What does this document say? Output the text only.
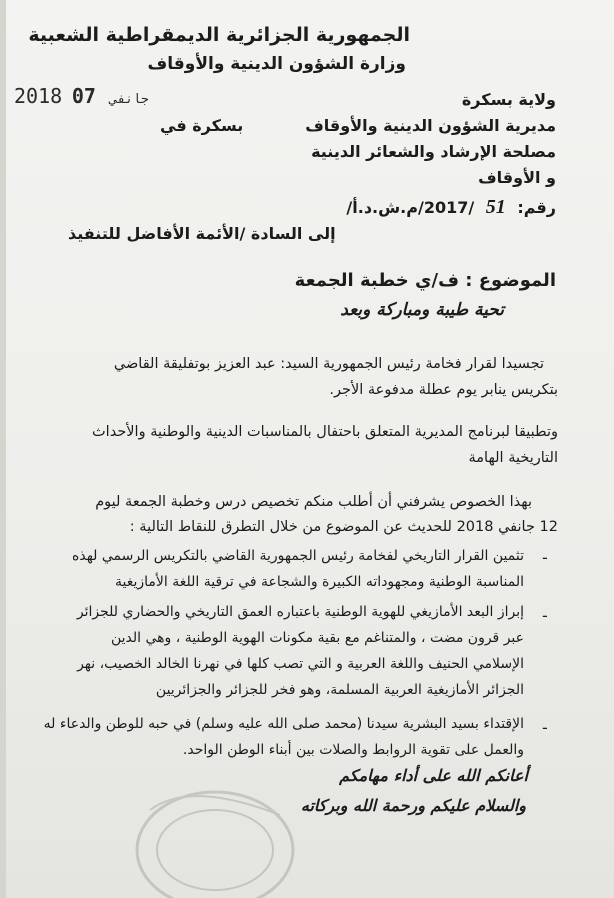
الجمهورية الجزائرية الديمقراطية الشعبية
وزارة الشؤون الدينية والأوقاف
2018	جانفي 07	ولاية بسكرة
مديرية الشؤون الدينية والأوقاف
مصلحة الإرشاد والشعائر الدينية
و الأوقاف
بسكرة في
رقم: 51 /2017/م.ش.د.أ/
إلى السادة /الأئمة الأفاضل للتنفيذ
الموضوع : ف/ي خطبة الجمعة
تحية طيبة ومباركة وبعد
تجسيدا لقرار فخامة رئيس الجمهورية السيد: عبد العزيز بوتفليقة القاضي
بتكريس ينابر يوم عطلة مدفوعة الأجر.
وتطبيقا لبرنامج المديرية المتعلق باحتفال بالمناسبات الدينية والوطنية والأحداث
التاريخية الهامة
بهذا الخصوص يشرفني أن أطلب منكم تخصيص درس وخطبة الجمعة ليوم
12 جانفي 2018 للحديث عن الموضوع من خلال التطرق للنقاط التالية :
-
تثمين القرار التاريخي لفخامة رئيس الجمهورية القاضي بالتكريس الرسمي لهذه
المناسبة الوطنية ومجهوداته الكبيرة والشجاعة في ترقية اللغة الأمازيغية
-
إبراز البعد الأمازيغي للهوية الوطنية باعتباره العمق التاريخي والحضاري للجزائر
عبر قرون مضت ، والمتناغم مع بقية مكونات الهوية الوطنية ، وهي الدين
الإسلامي الحنيف واللغة العربية و التي تصب كلها في نهرنا الخالد الخصيب، نهر
الجزائر الأمازيغية العربية المسلمة، وهو فخر للجزائر والجزائريين
-
الإقتداء بسيد البشرية سيدنا (محمد صلى الله عليه وسلم) في حبه للوطن والدعاء له
والعمل على تقوية الروابط والصلات بين أبناء الوطن الواحد.
أعانكم الله على أداء مهامكم
والسلام عليكم ورحمة الله وبركاته
